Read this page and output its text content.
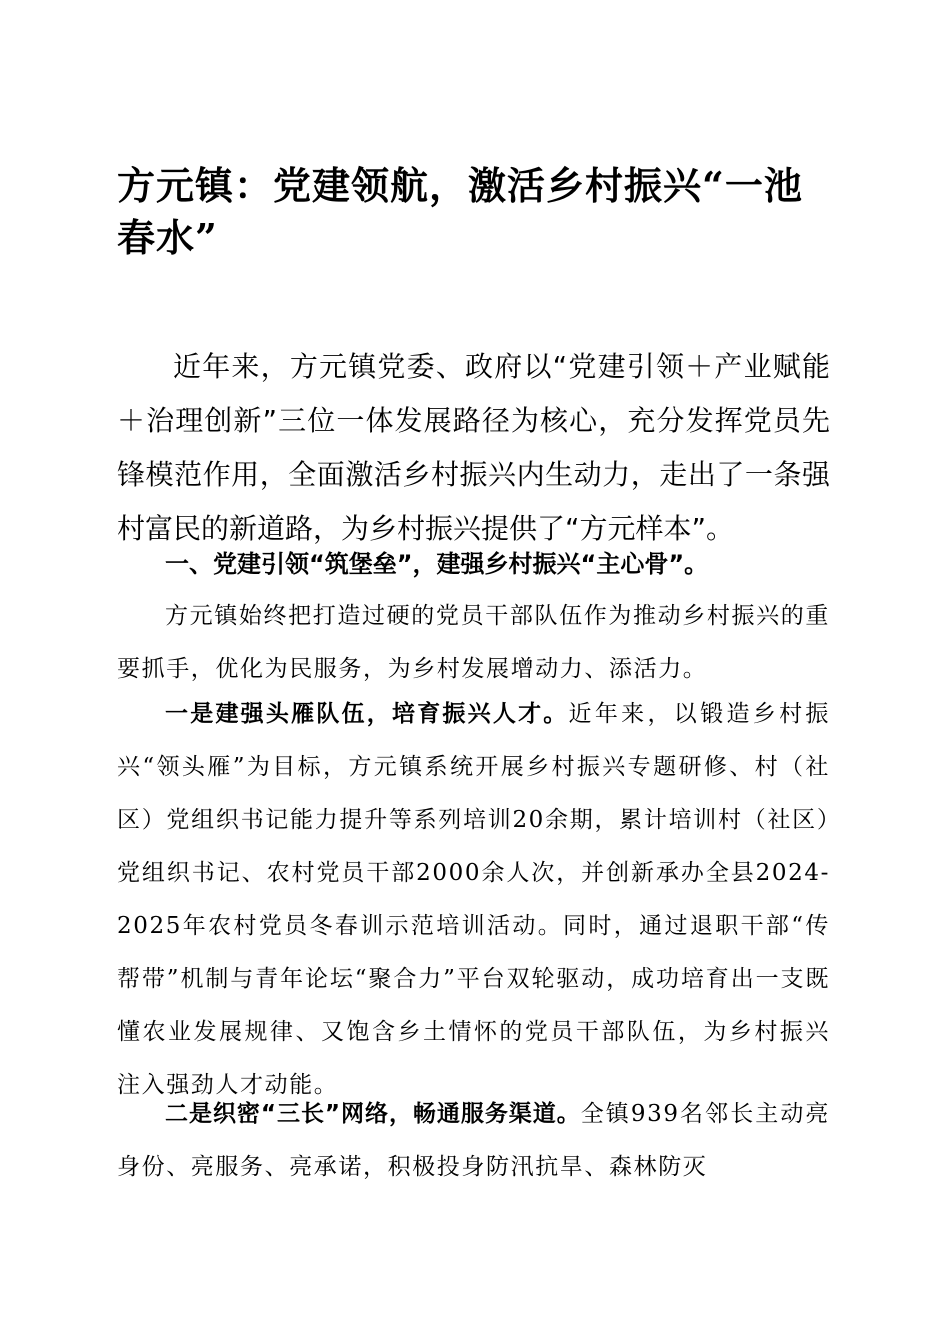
方元镇：党建领航，激活乡村振兴“一池春水”

近年来，方元镇党委、政府以“党建引领＋产业赋能＋治理创新”三位一体发展路径为核心，充分发挥党员先锋模范作用，全面激活乡村振兴内生动力，走出了一条强村富民的新道路，为乡村振兴提供了“方元样本”。

一、党建引领“筑堡垒”，建强乡村振兴“主心骨”。

方元镇始终把打造过硬的党员干部队伍作为推动乡村振兴的重要抓手，优化为民服务，为乡村发展增动力、添活力。

一是建强头雁队伍，培育振兴人才。近年来，以锻造乡村振兴“领头雁”为目标，方元镇系统开展乡村振兴专题研修、村（社区）党组织书记能力提升等系列培训20余期，累计培训村（社区）党组织书记、农村党员干部2000余人次，并创新承办全县2024-2025年农村党员冬春训示范培训活动。同时，通过退职干部“传帮带”机制与青年论坛“聚合力”平台双轮驱动，成功培育出一支既懂农业发展规律、又饱含乡土情怀的党员干部队伍，为乡村振兴注入强劲人才动能。

二是织密“三长”网络，畅通服务渠道。全镇939名邻长主动亮身份、亮服务、亮承诺，积极投身防汛抗旱、森林防灭
